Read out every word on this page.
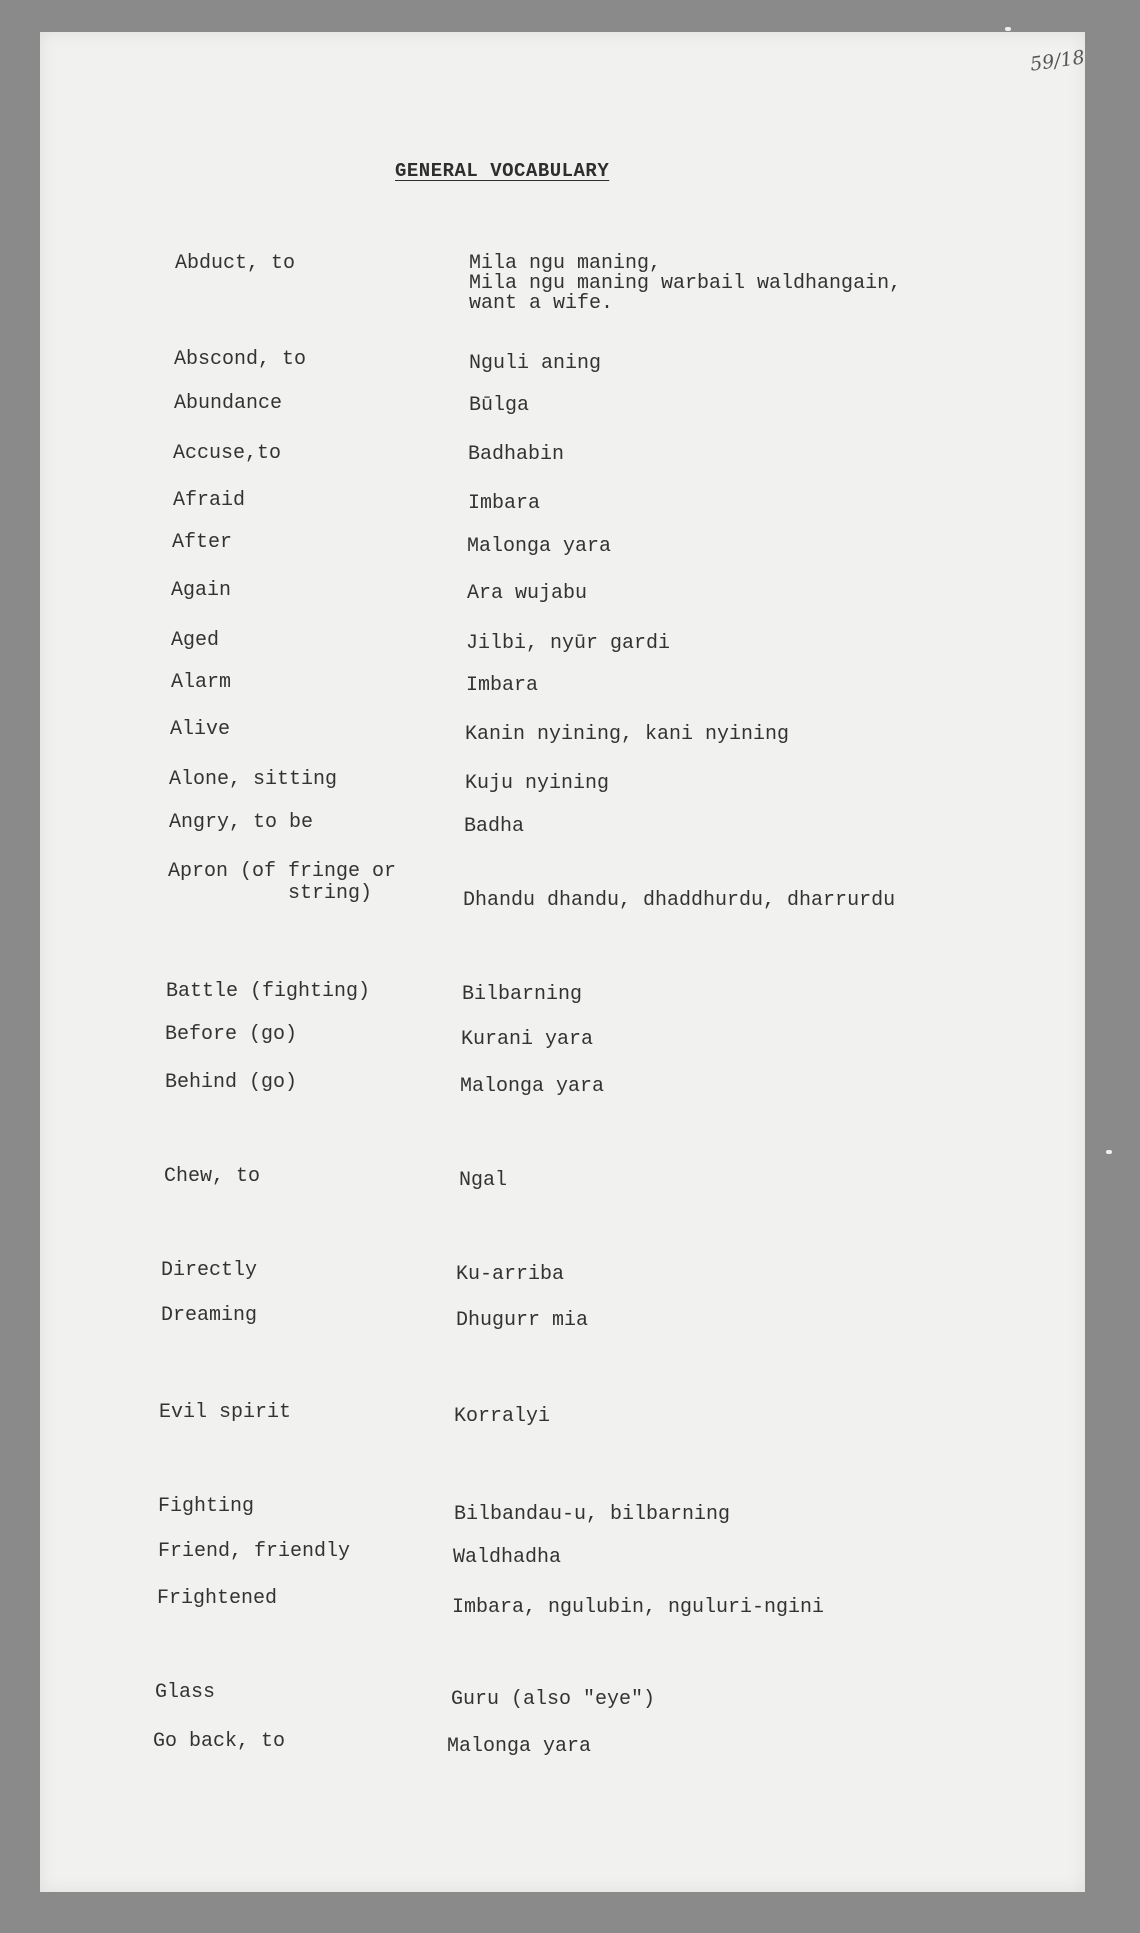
59/18
GENERAL VOCABULARY
Abduct, to
Abscond, to
Abundance
Accuse,to
Afraid
After
Again
Aged
Alarm
Alive
Alone, sitting
Angry, to be
Apron (of fringe or
string)
Battle (fighting)
Before (go)
Behind (go)
Chew, to
Directly
Dreaming
Evil spirit
Fighting
Friend, friendly
Frightened
Glass
Go back, to
Mila ngu maning,
Mila ngu maning warbail waldhangain,
want a wife.
Nguli aning
Būlga
Badhabin
Imbara
Malonga yara
Ara wujabu
Jilbi, nyūr gardi
Imbara
Kanin nyining, kani nyining
Kuju nyining
Badha
Dhandu dhandu, dhaddhurdu, dharrurdu
Bilbarning
Kurani yara
Malonga yara
Ngal
Ku-arriba
Dhugurr mia
Korralyi
Bilbandau-u, bilbarning
Waldhadha
Imbara, ngulubin, nguluri-ngini
Guru (also "eye")
Malonga yara
